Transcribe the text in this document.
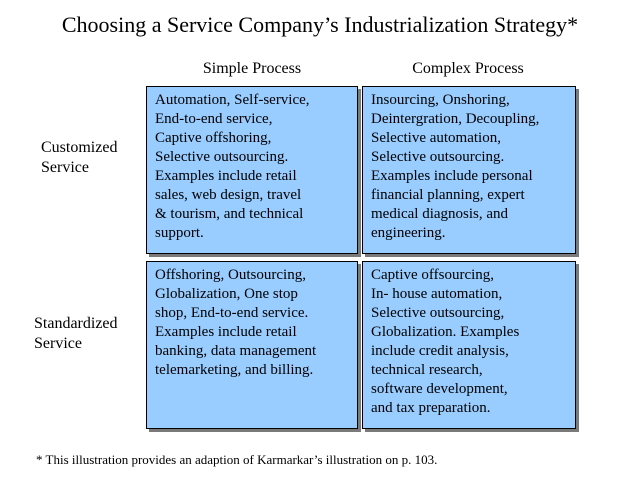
Choosing a Service Company’s Industrialization Strategy*
Simple Process	Complex Process
Customized
Service
Standardized
Service
Automation, Self-service,
End-to-end service,
Captive offshoring,
Selective outsourcing.
Examples include retail
sales, web design, travel
& tourism, and technical
support.
Insourcing, Onshoring,
Deintergration, Decoupling,
Selective automation,
Selective outsourcing.
Examples include personal
financial planning, expert
medical diagnosis, and
engineering.
Offshoring, Outsourcing,
Globalization, One stop
shop, End-to-end service.
Examples include retail
banking, data management
telemarketing, and billing.
Captive offsourcing,
In- house automation,
Selective outsourcing,
Globalization. Examples
include credit analysis,
technical research,
software development,
and tax preparation.
* This illustration provides an adaption of Karmarkar’s illustration on p. 103.
